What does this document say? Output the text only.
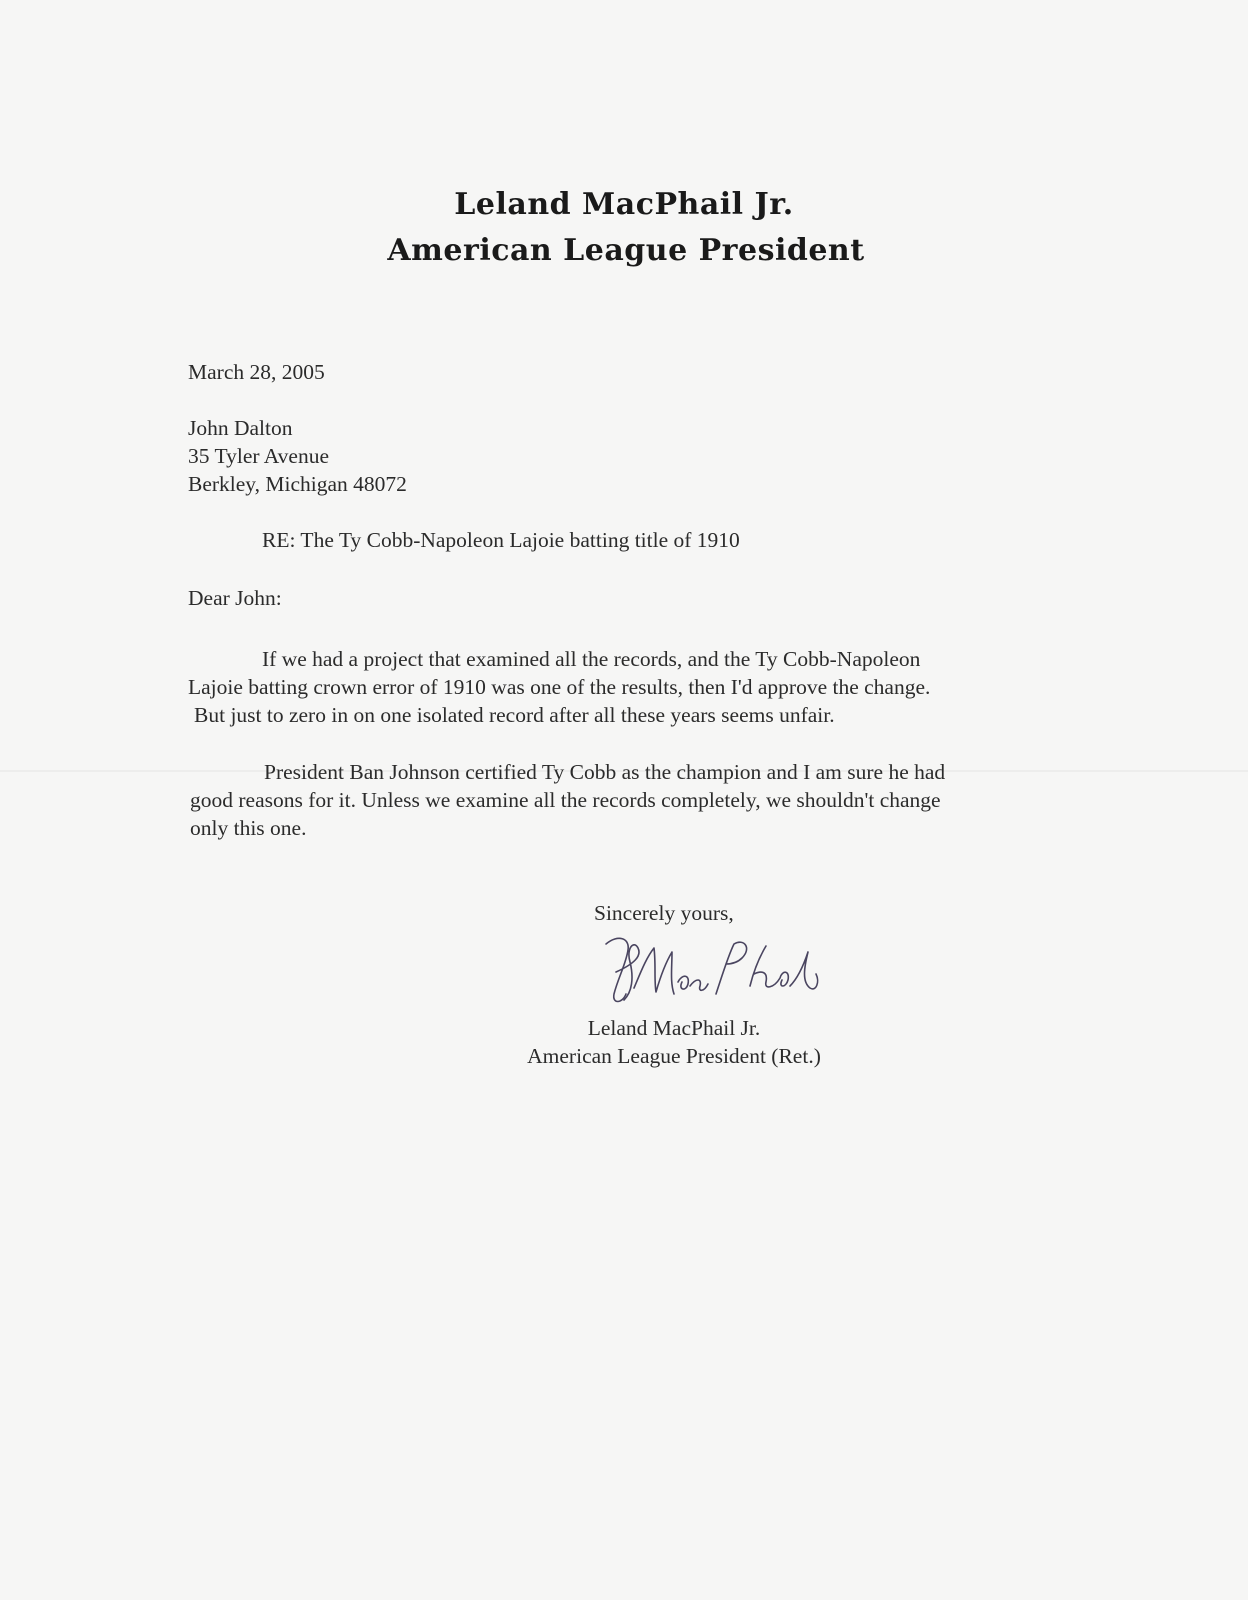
Leland MacPhail Jr.
American League President
March 28, 2005
John Dalton
35 Tyler Avenue
Berkley, Michigan 48072
RE: The Ty Cobb-Napoleon Lajoie batting title of 1910
Dear John:
If we had a project that examined all the records, and the Ty Cobb-Napoleon
Lajoie batting crown error of 1910 was one of the results, then I'd approve the change.
But just to zero in on one isolated record after all these years seems unfair.
President Ban Johnson certified Ty Cobb as the champion and I am sure he had
good reasons for it. Unless we examine all the records completely, we shouldn't change
only this one.
Sincerely yours,
Leland MacPhail Jr.
American League President (Ret.)
